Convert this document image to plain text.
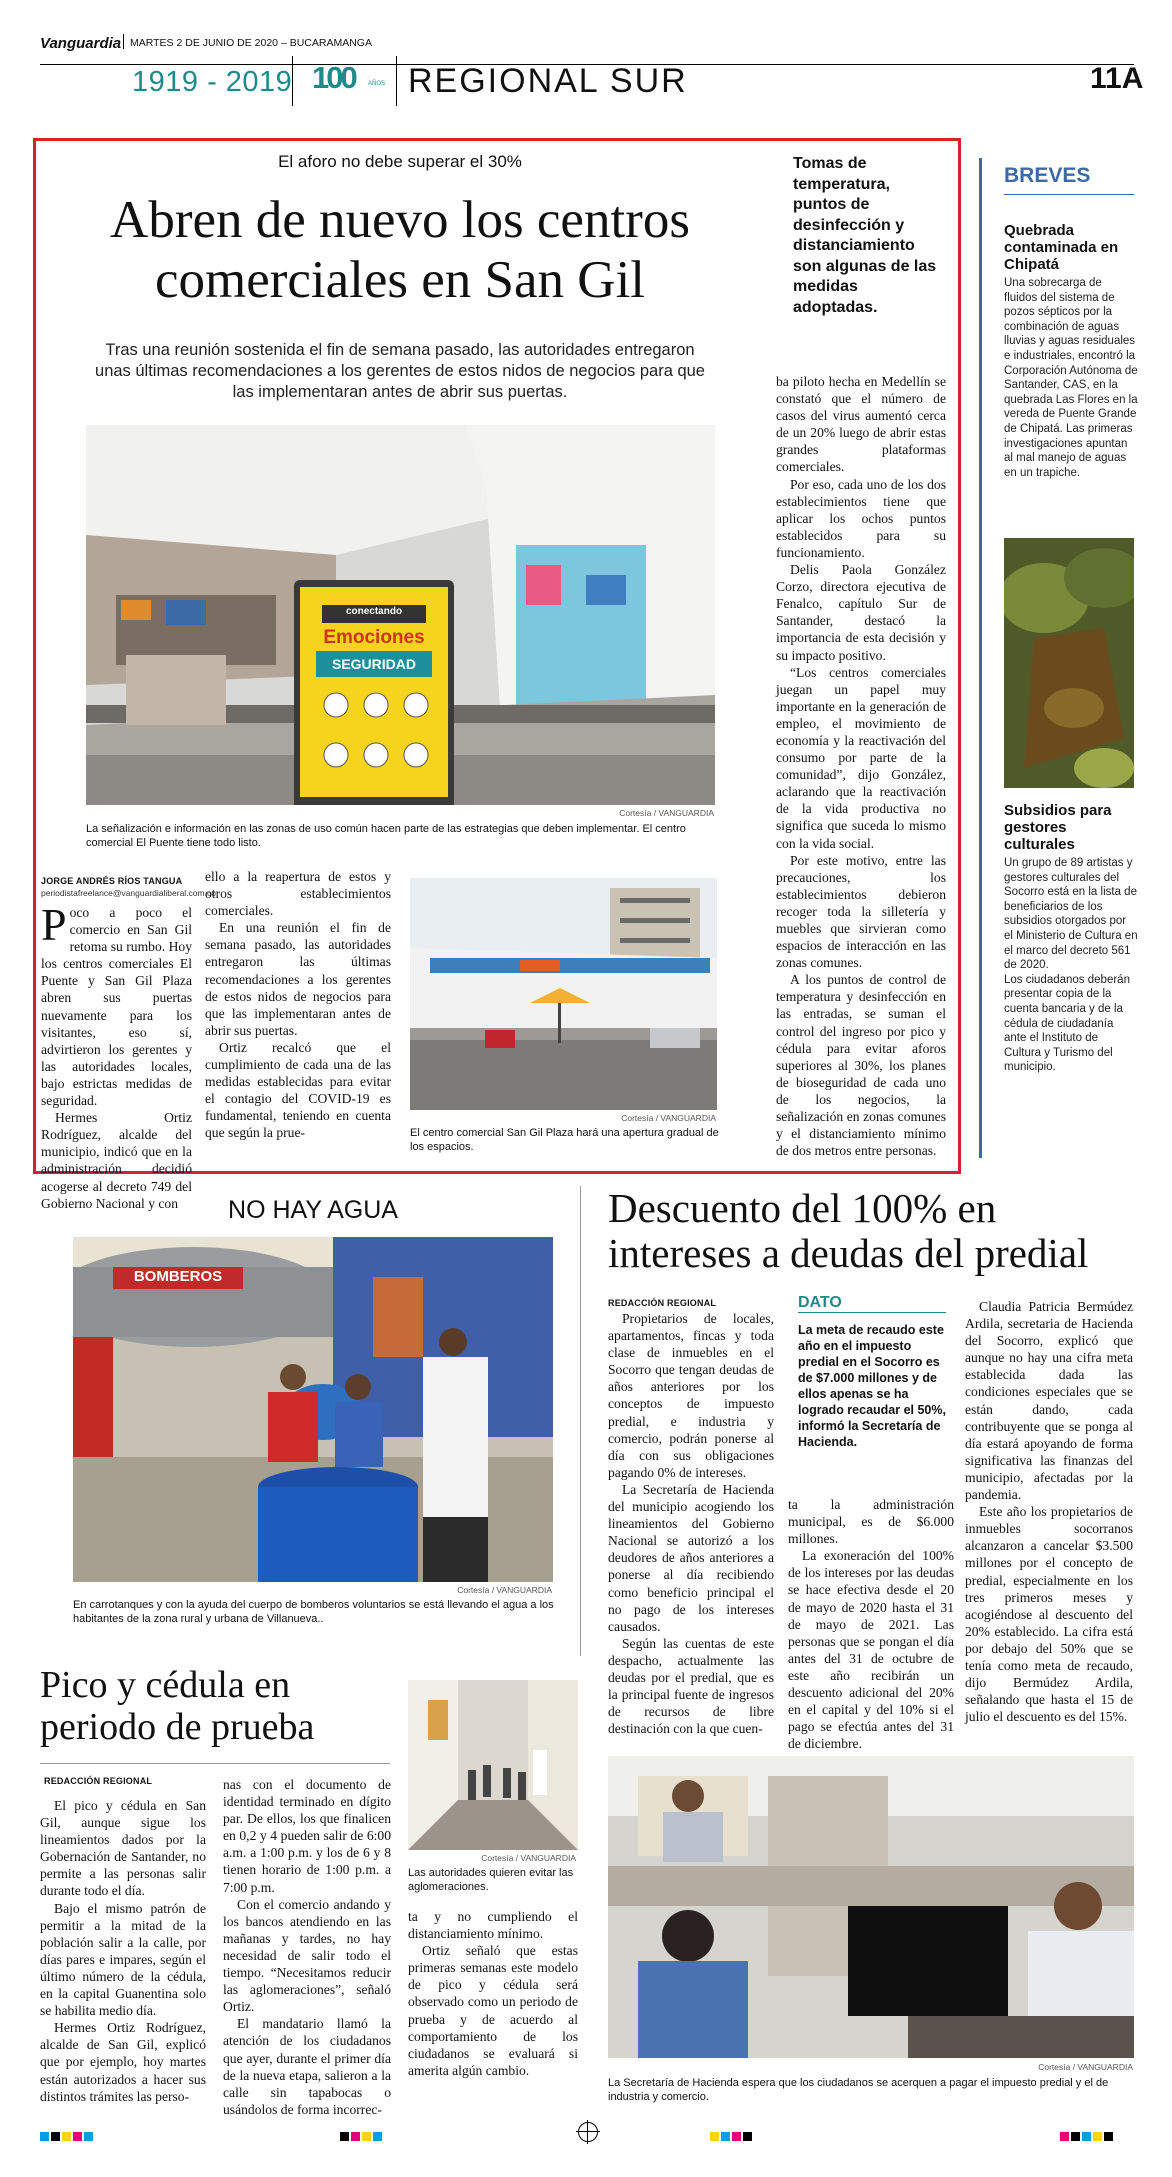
Vanguardia MARTES 2 DE JUNIO DE 2020 – BUCARAMANGA
1919 - 2019 100 AÑOS REGIONAL SUR	11A
El aforo no debe superar el 30%
Abren de nuevo los centros
comerciales en San Gil
Tras una reunión sostenida el fin de semana pasado, las autoridades entregaron unas últimas recomendaciones a los gerentes de estos nidos de negocios para que las implementaran antes de abrir sus puertas.
Tomas de temperatura, puntos de desinfección y distanciamiento son algunas de las medidas adoptadas.
conectando
Emociones
SEGURIDAD
Cortesía / VANGUARDIA
La señalización e información en las zonas de uso común hacen parte de las estrategias que deben implementar. El centro comercial El Puente tiene todo listo.
JORGE ANDRÉS RÍOS TANGUA
periodistafreelance@vanguardialiberal.com.co

Poco a poco el comercio en San Gil retoma su rumbo. Hoy los centros comerciales El Puente y San Gil Plaza abren sus puertas nuevamente para los visitantes, eso sí, advirtieron los gerentes y las autoridades locales, bajo estrictas medidas de seguridad.

Hermes Ortiz Rodríguez, alcalde del municipio, indicó que en la administración decidió acogerse al decreto 749 del Gobierno Nacional y con

ello a la reapertura de estos y otros establecimientos comerciales.

En una reunión el fin de semana pasado, las autoridades entregaron las últimas recomendaciones a los gerentes de estos nidos de negocios para que las implementaran antes de abrir sus puertas.

Ortiz recalcó que el cumplimiento de cada una de las medidas establecidas para evitar el contagio del COVID-19 es fundamental, teniendo en cuenta que según la prue-

Cortesía / VANGUARDIA
El centro comercial San Gil Plaza hará una apertura gradual de los espacios.

ba piloto hecha en Medellín se constató que el número de casos del virus aumentó cerca de un 20% luego de abrir estas grandes plataformas comerciales.

Por eso, cada uno de los dos establecimientos tiene que aplicar los ochos puntos establecidos para su funcionamiento.

Delis Paola González Corzo, directora ejecutiva de Fenalco, capítulo Sur de Santander, destacó la importancia de esta decisión y su impacto positivo.

“Los centros comerciales juegan un papel muy importante en la generación de empleo, el movimiento de economía y la reactivación del consumo por parte de la comunidad”, dijo González, aclarando que la reactivación de la vida productiva no significa que suceda lo mismo con la vida social.

Por este motivo, entre las precauciones, los establecimientos debieron recoger toda la silletería y muebles que sirvieran como espacios de interacción en las zonas comunes.

A los puntos de control de temperatura y desinfección en las entradas, se suman el control del ingreso por pico y cédula para evitar aforos superiores al 30%, los planes de bioseguridad de cada uno de los negocios, la señalización en zonas comunes y el distanciamiento mínimo de dos metros entre personas.

BREVES
Quebrada contaminada en Chipatá
Una sobrecarga de fluidos del sistema de pozos sépticos por la combinación de aguas lluvias y aguas residuales e industriales, encontró la Corporación Autónoma de Santander, CAS, en la quebrada Las Flores en la vereda de Puente Grande de Chipatá. Las primeras investigaciones apuntan al mal manejo de aguas en un trapiche.
Subsidios para gestores culturales
Un grupo de 89 artistas y gestores culturales del Socorro está en la lista de beneficiarios de los subsidios otorgados por el Ministerio de Cultura en el marco del decreto 561 de 2020.
Los ciudadanos deberán presentar copia de la cuenta bancaria y de la cédula de ciudadanía ante el Instituto de Cultura y Turismo del municipio.
NO HAY AGUA
BOMBEROS
Cortesía / VANGUARDIA
En carrotanques y con la ayuda del cuerpo de bomberos voluntarios se está llevando el agua a los habitantes de la zona rural y urbana de Villanueva..
Descuento del 100% en
intereses a deudas del predial
REDACCIÓN REGIONAL

Propietarios de locales, apartamentos, fincas y toda clase de inmuebles en el Socorro que tengan deudas de años anteriores por los conceptos de impuesto predial, e industria y comercio, podrán ponerse al día con sus obligaciones pagando 0% de intereses.

La Secretaría de Hacienda del municipio acogiendo los lineamientos del Gobierno Nacional se autorizó a los deudores de años anteriores a ponerse al día recibiendo como beneficio principal el no pago de los intereses causados.

Según las cuentas de este despacho, actualmente las deudas por el predial, que es la principal fuente de ingresos de recursos de libre destinación con la que cuen-

DATO
La meta de recaudo este año en el impuesto predial en el Socorro es de $7.000 millones y de ellos apenas se ha logrado recaudar el 50%, informó la Secretaría de Hacienda.

ta la administración municipal, es de $6.000 millones.

La exoneración del 100% de los intereses por las deudas se hace efectiva desde el 20 de mayo de 2020 hasta el 31 de mayo de 2021. Las personas que se pongan el día antes del 31 de octubre de este año recibirán un descuento adicional del 20% en el capital y del 10% si el pago se efectúa antes del 31 de diciembre.

Claudia Patricia Bermúdez Ardila, secretaria de Hacienda del Socorro, explicó que aunque no hay una cifra meta establecida dada las condiciones especiales que se están dando, cada contribuyente que se ponga al día estará apoyando de forma significativa las finanzas del municipio, afectadas por la pandemia.

Este año los propietarios de inmuebles socorranos alcanzaron a cancelar $3.500 millones por el concepto de predial, especialmente en los tres primeros meses y acogiéndose al descuento del 20% establecido. La cifra está por debajo del 50% que se tenía como meta de recaudo, dijo Bermúdez Ardila, señalando que hasta el 15 de julio el descuento es del 15%.

Cortesía / VANGUARDIA
La Secretaría de Hacienda espera que los ciudadanos se acerquen a pagar el impuesto predial y el de industria y comercio.
Pico y cédula en
periodo de prueba
REDACCIÓN REGIONAL

El pico y cédula en San Gil, aunque sigue los lineamientos dados por la Gobernación de Santander, no permite a las personas salir durante todo el día.

Bajo el mismo patrón de permitir a la mitad de la población salir a la calle, por días pares e impares, según el último número de la cédula, en la capital Guanentina solo se habilita medio día.

Hermes Ortiz Rodríguez, alcalde de San Gil, explicó que por ejemplo, hoy martes están autorizados a hacer sus distintos trámites las perso-

nas con el documento de identidad terminado en dígito par. De ellos, los que finalicen en 0,2 y 4 pueden salir de 6:00 a.m. a 1:00 p.m. y los de 6 y 8 tienen horario de 1:00 p.m. a 7:00 p.m.

Con el comercio andando y los bancos atendiendo en las mañanas y tardes, no hay necesidad de salir todo el tiempo. “Necesitamos reducir las aglomeraciones”, señaló Ortiz.

El mandatario llamó la atención de los ciudadanos que ayer, durante el primer día de la nueva etapa, salieron a la calle sin tapabocas o usándolos de forma incorrec-

Cortesía / VANGUARDIA
Las autoridades quieren evitar las aglomeraciones.

ta y no cumpliendo el distanciamiento mínimo.

Ortiz señaló que estas primeras semanas este modelo de pico y cédula será observado como un periodo de prueba y de acuerdo al comportamiento de los ciudadanos se evaluará si amerita algún cambio.
